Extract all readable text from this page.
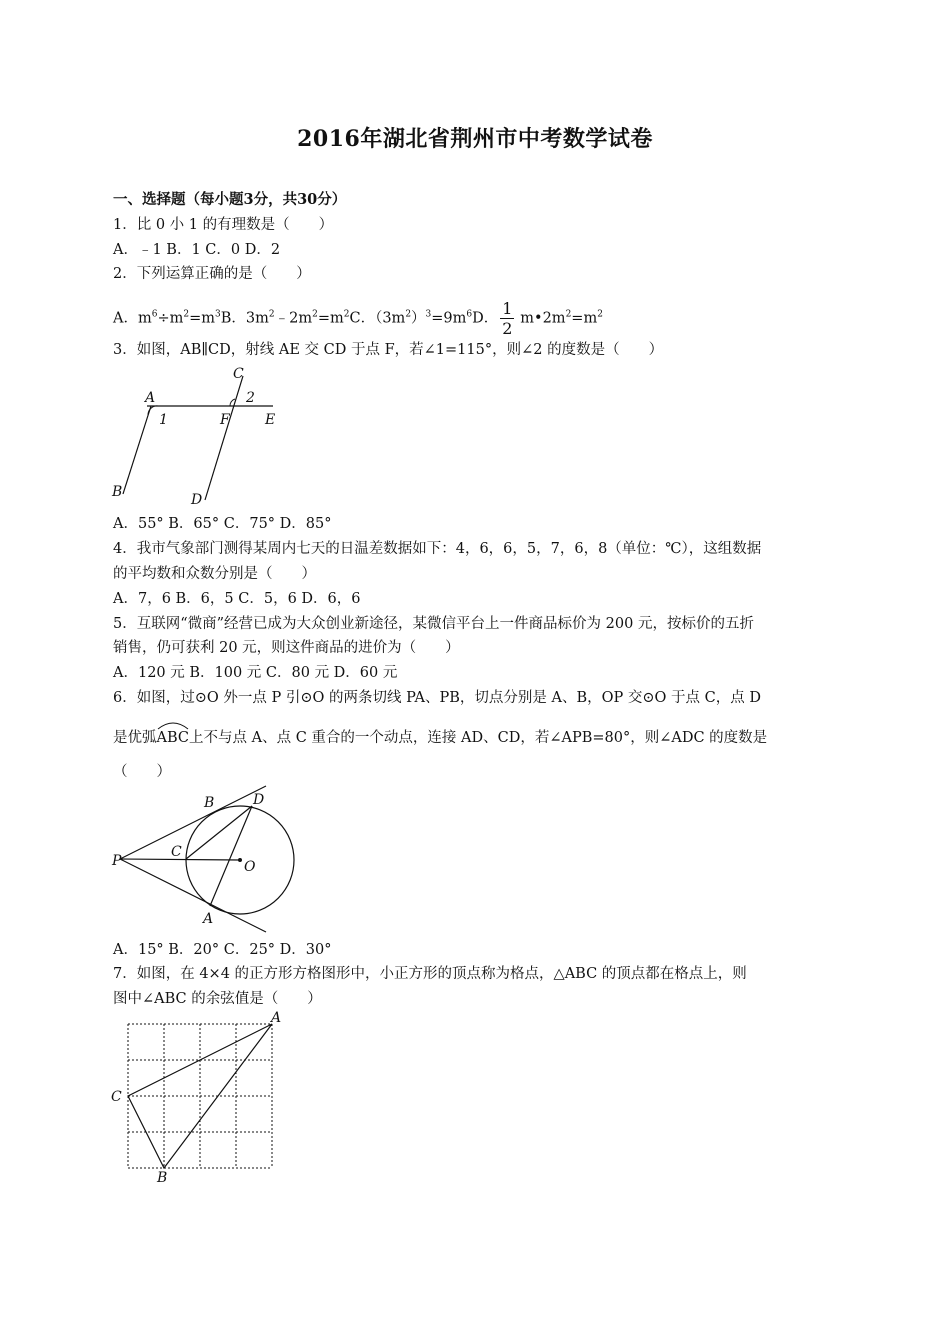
2016年湖北省荆州市中考数学试卷
一、选择题（每小题3分，共30分）
1．比 0 小 1 的有理数是（　　）
A．﹣1 B．1 C．0 D．2
2．下列运算正确的是（　　）
A．$m^6\div m^2=m^3B$．$3m^2﹣2m^2=m^2C$．$(3m^2)^3=9m^6D$． $\frac{1}{2}$ $m•2m^2=m^2$
3．如图，AB∥CD，射线 AE 交 CD 于点 F，若∠1=115°，则∠2 的度数是（　　）
A
1	F	E
C
2
B	D
A．55° B．65° C．75° D．85°
4．我市气象部门测得某周内七天的日温差数据如下：4，6，6，5，7，6，8（单位：℃），这组数据
的平均数和众数分别是（　　）
A．7，6 B．6，5 C．5，6 D．6，6
5．互联网“微商”经营已成为大众创业新途径，某微信平台上一件商品标价为 200 元，按标价的五折
销售，仍可获利 20 元，则这件商品的进价为（　　）
A．120 元 B．100 元 C．80 元 D．60 元
6．如图，过⊙O 外一点 P 引⊙O 的两条切线 PA、PB，切点分别是 A、B，OP 交⊙O 于点 C，点 D
是优弧
ABC上不与点 A、点 C 重合的一个动点，连接 AD、CD，若∠APB=80°，则∠ADC 的度数是
（　　）
P
B	D
C
O
A
A．15° B．20° C．25° D．30°
7．如图，在 4×4 的正方形方格图形中，小正方形的顶点称为格点，△ABC 的顶点都在格点上，则
图中∠ABC 的余弦值是（　　）
A
C
B
